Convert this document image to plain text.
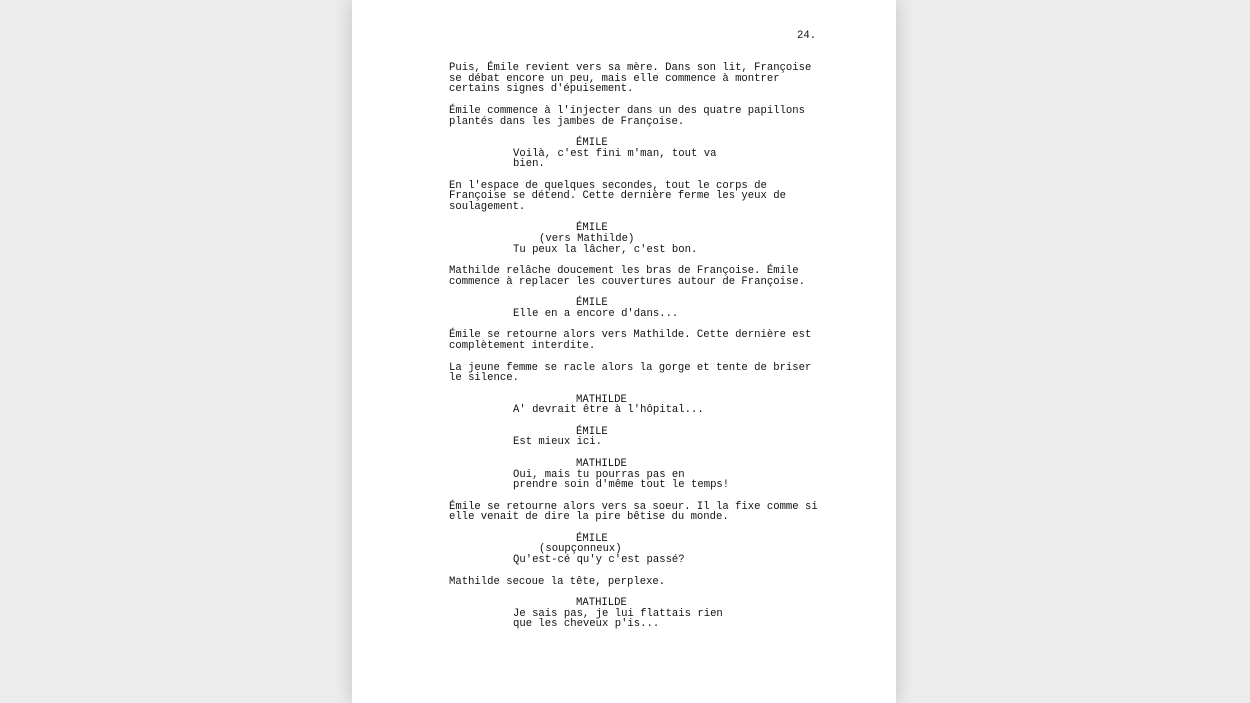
24.
Puis, Émile revient vers sa mère. Dans son lit, Françoise
se débat encore un peu, mais elle commence à montrer
certains signes d'épuisement.
Émile commence à l'injecter dans un des quatre papillons
plantés dans les jambes de Françoise.
ÉMILE
Voilà, c'est fini m'man, tout va
bien.
En l'espace de quelques secondes, tout le corps de
Françoise se détend. Cette dernière ferme les yeux de
soulagement.
ÉMILE
(vers Mathilde)
Tu peux la lâcher, c'est bon.
Mathilde relâche doucement les bras de Françoise. Émile
commence à replacer les couvertures autour de Françoise.
ÉMILE
Elle en a encore d'dans...
Émile se retourne alors vers Mathilde. Cette dernière est
complètement interdite.
La jeune femme se racle alors la gorge et tente de briser
le silence.
MATHILDE
A' devrait être à l'hôpital...
ÉMILE
Est mieux ici.
MATHILDE
Oui, mais tu pourras pas en
prendre soin d'même tout le temps!
Émile se retourne alors vers sa soeur. Il la fixe comme si
elle venait de dire la pire bêtise du monde.
ÉMILE
(soupçonneux)
Qu'est-cé qu'y c'est passé?
Mathilde secoue la tête, perplexe.
MATHILDE
Je sais pas, je lui flattais rien
que les cheveux p'is...
